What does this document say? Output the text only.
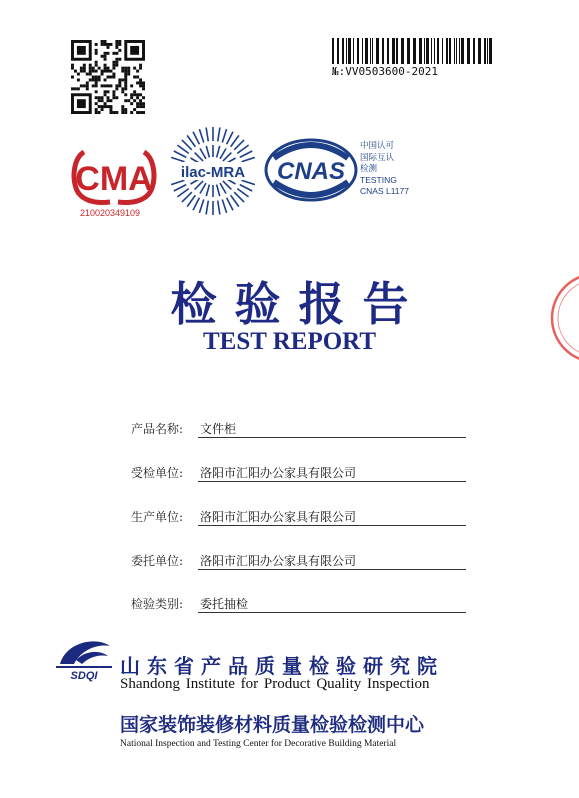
№:VV0503600-2021
CMA
210020349109
ilac-MRA CNAS
中国认可
国际互认
检测
TESTING
CNAS L1177
检验报告
TEST REPORT
产品名称: 文件柜
受检单位: 洛阳市汇阳办公家具有限公司
生产单位: 洛阳市汇阳办公家具有限公司
委托单位: 洛阳市汇阳办公家具有限公司
检验类别: 委托抽检
SDQI 山东省产品质量检验研究院
Shandong Institute for Product Quality Inspection
国家装饰装修材料质量检验检测中心
National Inspection and Testing Center for Decorative Building Material
